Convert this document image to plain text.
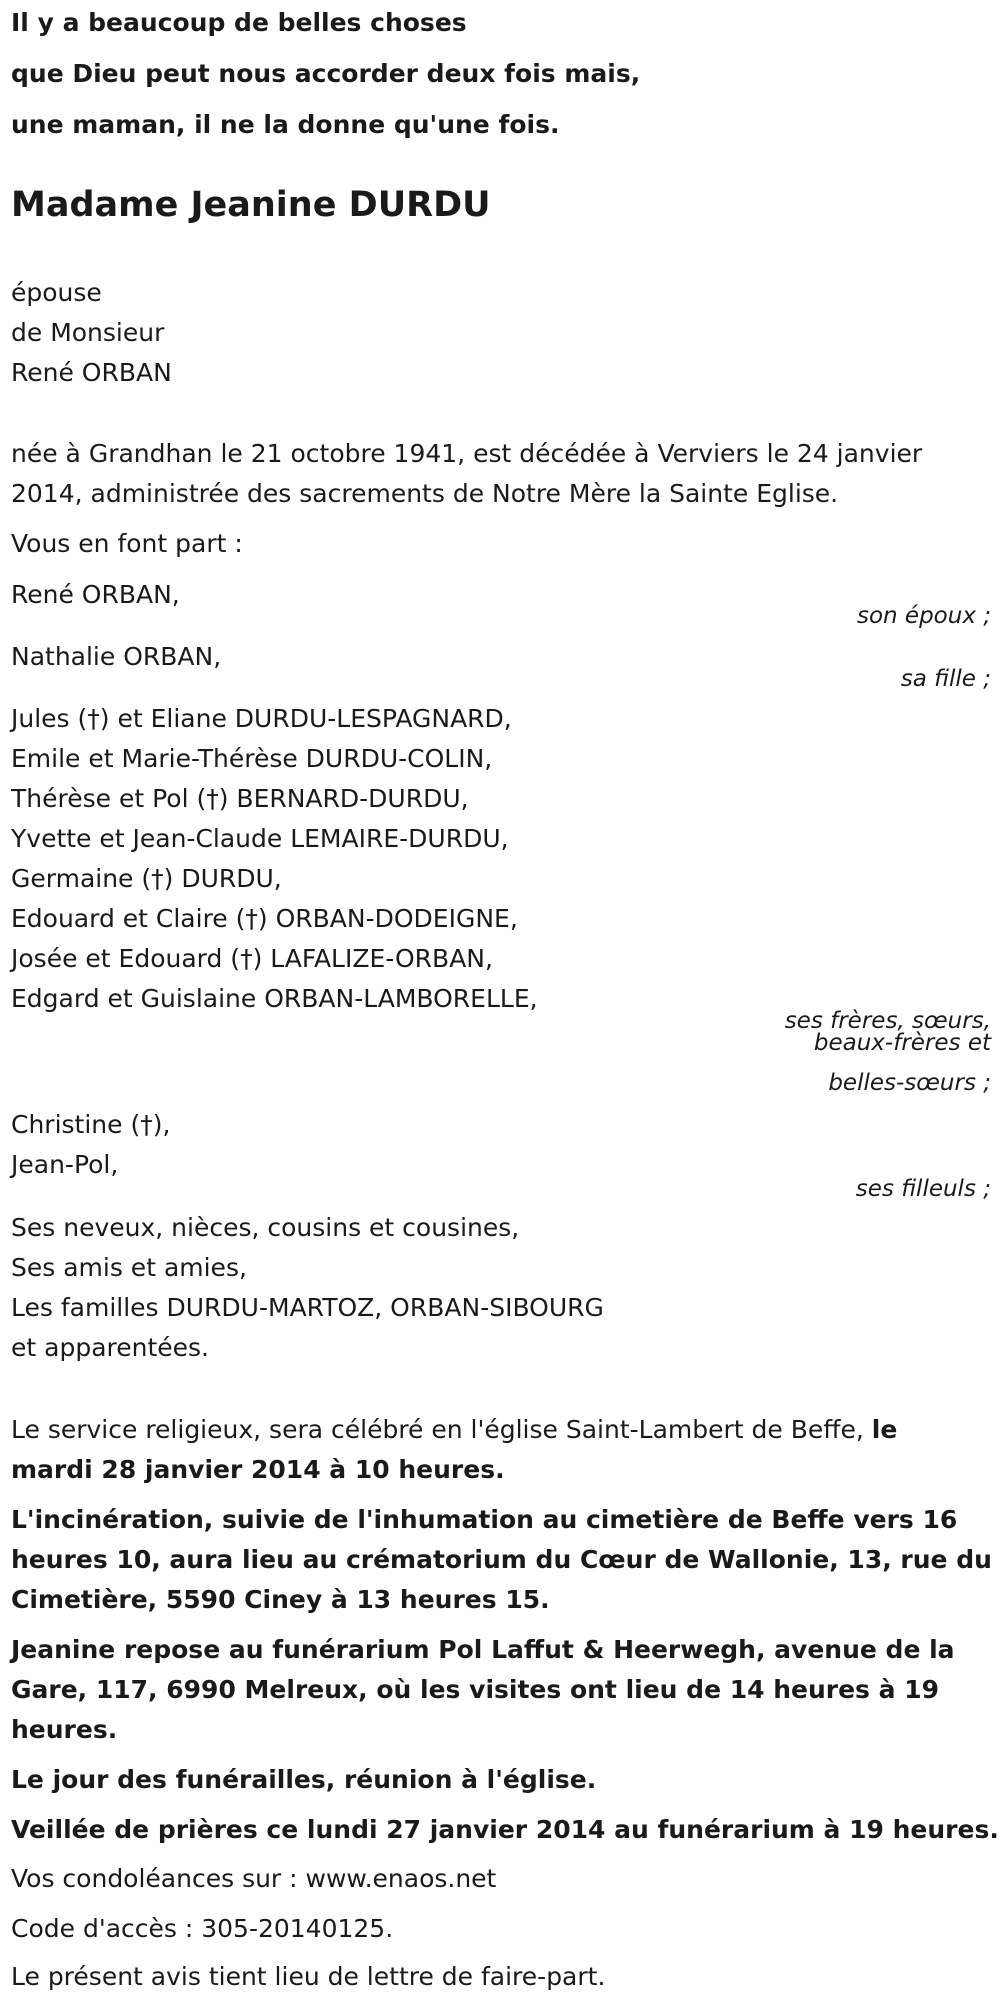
Il y a beaucoup de belles choses
que Dieu peut nous accorder deux fois mais,
une maman, il ne la donne qu'une fois.
Madame Jeanine DURDU
épouse
de Monsieur
René ORBAN
née à Grandhan le 21 octobre 1941, est décédée à Verviers le 24 janvier
2014, administrée des sacrements de Notre Mère la Sainte Eglise.
Vous en font part :
René ORBAN,
son époux ;
Nathalie ORBAN,
sa fille ;
Jules (†) et Eliane DURDU-LESPAGNARD,
Emile et Marie-Thérèse DURDU-COLIN,
Thérèse et Pol (†) BERNARD-DURDU,
Yvette et Jean-Claude LEMAIRE-DURDU,
Germaine (†) DURDU,
Edouard et Claire (†) ORBAN-DODEIGNE,
Josée et Edouard (†) LAFALIZE-ORBAN,
Edgard et Guislaine ORBAN-LAMBORELLE,
ses frères, sœurs,
beaux-frères et
belles-sœurs ;
Christine (†),
Jean-Pol,
ses filleuls ;
Ses neveux, nièces, cousins et cousines,
Ses amis et amies,
Les familles DURDU-MARTOZ, ORBAN-SIBOURG
et apparentées.
Le service religieux, sera célébré en l'église Saint-Lambert de Beffe, le
mardi 28 janvier 2014 à 10 heures.
L'incinération, suivie de l'inhumation au cimetière de Beffe vers 16
heures 10, aura lieu au crématorium du Cœur de Wallonie, 13, rue du
Cimetière, 5590 Ciney à 13 heures 15.
Jeanine repose au funérarium Pol Laffut & Heerwegh, avenue de la
Gare, 117, 6990 Melreux, où les visites ont lieu de 14 heures à 19
heures.
Le jour des funérailles, réunion à l'église.
Veillée de prières ce lundi 27 janvier 2014 au funérarium à 19 heures.
Vos condoléances sur : www.enaos.net
Code d'accès : 305-20140125.
Le présent avis tient lieu de lettre de faire-part.
